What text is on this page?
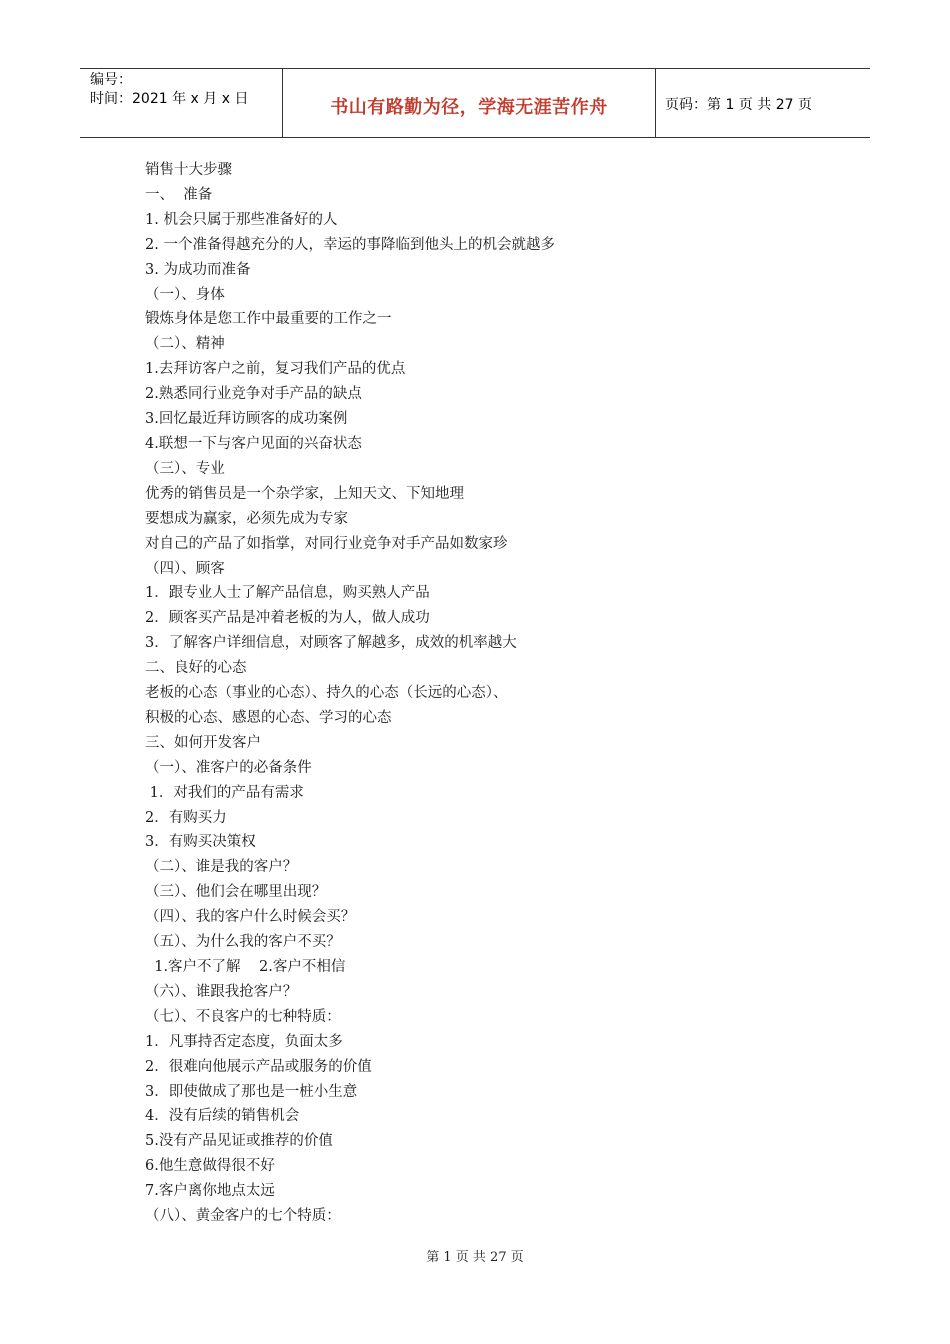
编号：
时间：2021 年 x 月 x 日	书山有路勤为径，学海无涯苦作舟	页码：第 1 页 共 27 页
销售十大步骤
一、  准备
1. 机会只属于那些准备好的人
2. 一个准备得越充分的人，幸运的事降临到他头上的机会就越多
3. 为成功而准备
（一）、身体
锻炼身体是您工作中最重要的工作之一
（二）、精神
1.去拜访客户之前，复习我们产品的优点
2.熟悉同行业竞争对手产品的缺点
3.回忆最近拜访顾客的成功案例
4.联想一下与客户见面的兴奋状态
（三）、专业
优秀的销售员是一个杂学家，上知天文、下知地理
要想成为赢家，必须先成为专家
对自己的产品了如指掌，对同行业竞争对手产品如数家珍
（四）、顾客
1．跟专业人士了解产品信息，购买熟人产品
2．顾客买产品是冲着老板的为人，做人成功
3．了解客户详细信息，对顾客了解越多，成效的机率越大
二、良好的心态
老板的心态（事业的心态）、持久的心态（长远的心态）、
积极的心态、感恩的心态、学习的心态
三、如何开发客户
（一）、准客户的必备条件
1．对我们的产品有需求
2．有购买力
3．有购买决策权
（二）、谁是我的客户？
（三）、他们会在哪里出现？
（四）、我的客户什么时候会买？
（五）、为什么我的客户不买？
1.客户不了解    2.客户不相信
（六）、谁跟我抢客户？
（七）、不良客户的七种特质：
1．凡事持否定态度，负面太多
2．很难向他展示产品或服务的价值
3．即使做成了那也是一桩小生意
4．没有后续的销售机会
5.没有产品见证或推荐的价值
6.他生意做得很不好
7.客户离你地点太远
（八）、黄金客户的七个特质：
第 1 页 共 27 页
